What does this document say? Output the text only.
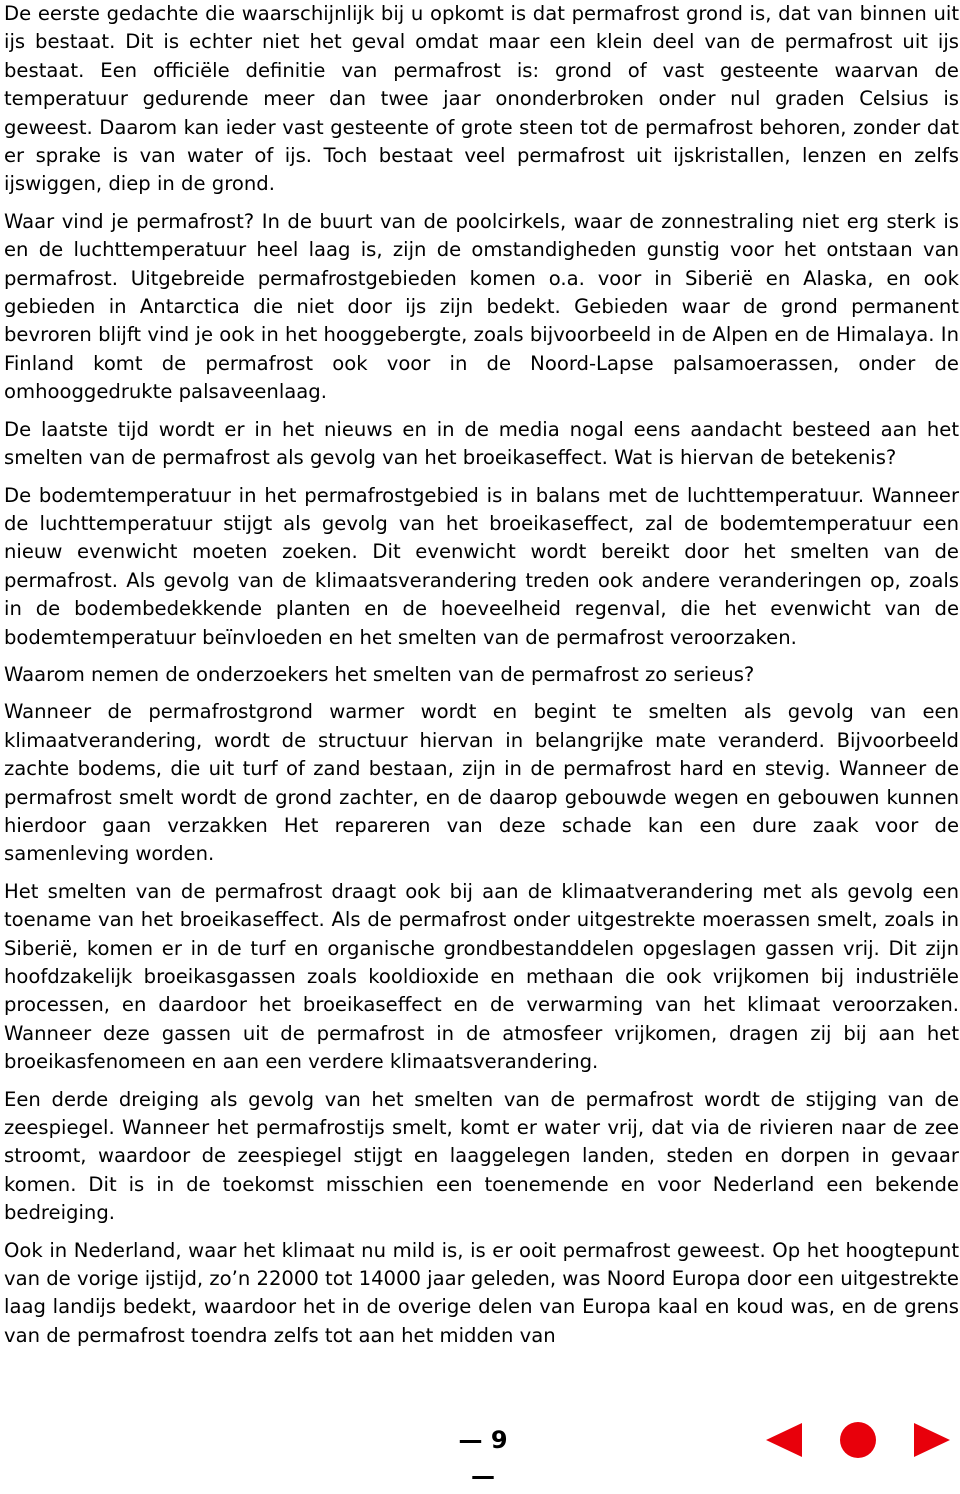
De eerste gedachte die waarschijnlijk bij u opkomt is dat permafrost grond is, dat van binnen uit ijs bestaat. Dit is echter niet het geval omdat maar een klein deel van de permafrost uit ijs bestaat. Een officiële definitie van permafrost is: grond of vast gesteente waarvan de temperatuur gedurende meer dan twee jaar ononderbroken onder nul graden Celsius is geweest. Daarom kan ieder vast gesteente of grote steen tot de permafrost behoren, zonder dat er sprake is van water of ijs. Toch bestaat veel permafrost uit ijskristallen, lenzen en zelfs ijswiggen, diep in de grond.

Waar vind je permafrost? In de buurt van de poolcirkels, waar de zonnestraling niet erg sterk is en de luchttemperatuur heel laag is, zijn de omstandigheden gunstig voor het ontstaan van permafrost. Uitgebreide permafrostgebieden komen o.a. voor in Siberië en Alaska, en ook gebieden in Antarctica die niet door ijs zijn bedekt. Gebieden waar de grond permanent bevroren blijft vind je ook in het hooggebergte, zoals bijvoorbeeld in de Alpen en de Himalaya. In Finland komt de permafrost ook voor in de Noord-Lapse palsamoerassen, onder de omhooggedrukte palsaveenlaag.

De laatste tijd wordt er in het nieuws en in de media nogal eens aandacht besteed aan het smelten van de permafrost als gevolg van het broeikaseffect. Wat is hiervan de betekenis?

De bodemtemperatuur in het permafrostgebied is in balans met de luchttemperatuur. Wanneer de luchttemperatuur stijgt als gevolg van het broeikaseffect, zal de bodemtemperatuur een nieuw evenwicht moeten zoeken. Dit evenwicht wordt bereikt door het smelten van de permafrost. Als gevolg van de klimaatsverandering treden ook andere veranderingen op, zoals in de bodembedekkende planten en de hoeveelheid regenval, die het evenwicht van de bodemtemperatuur beïnvloeden en het smelten van de permafrost veroorzaken.

Waarom nemen de onderzoekers het smelten van de permafrost zo serieus?

Wanneer de permafrostgrond warmer wordt en begint te smelten als gevolg van een klimaatverandering, wordt de structuur hiervan in belangrijke mate veranderd. Bijvoorbeeld zachte bodems, die uit turf of zand bestaan, zijn in de permafrost hard en stevig. Wanneer de permafrost smelt wordt de grond zachter, en de daarop gebouwde wegen en gebouwen kunnen hierdoor gaan verzakken Het repareren van deze schade kan een dure zaak voor de samenleving worden.

Het smelten van de permafrost draagt ook bij aan de klimaatverandering met als gevolg een toename van het broeikaseffect. Als de permafrost onder uitgestrekte moerassen smelt, zoals in Siberië, komen er in de turf en organische grondbestanddelen opgeslagen gassen vrij. Dit zijn hoofdzakelijk broeikasgassen zoals kooldioxide en methaan die ook vrijkomen bij industriële processen, en daardoor het broeikaseffect en de verwarming van het klimaat veroorzaken. Wanneer deze gassen uit de permafrost in de atmosfeer vrijkomen, dragen zij bij aan het broeikasfenomeen en aan een verdere klimaatsverandering.

Een derde dreiging als gevolg van het smelten van de permafrost wordt de stijging van de zeespiegel. Wanneer het permafrostijs smelt, komt er water vrij, dat via de rivieren naar de zee stroomt, waardoor de zeespiegel stijgt en laaggelegen landen, steden en dorpen in gevaar komen. Dit is in de toekomst misschien een toenemende en voor Nederland een bekende bedreiging.

Ook in Nederland, waar het klimaat nu mild is, is er ooit permafrost geweest. Op het hoogtepunt van de vorige ijstijd, zo’n 22000 tot 14000 jaar geleden, was Noord Europa door een uitgestrekte laag landijs bedekt, waardoor het in de overige delen van Europa kaal en koud was, en de grens van de permafrost toendra zelfs tot aan het midden van

— 9 —
